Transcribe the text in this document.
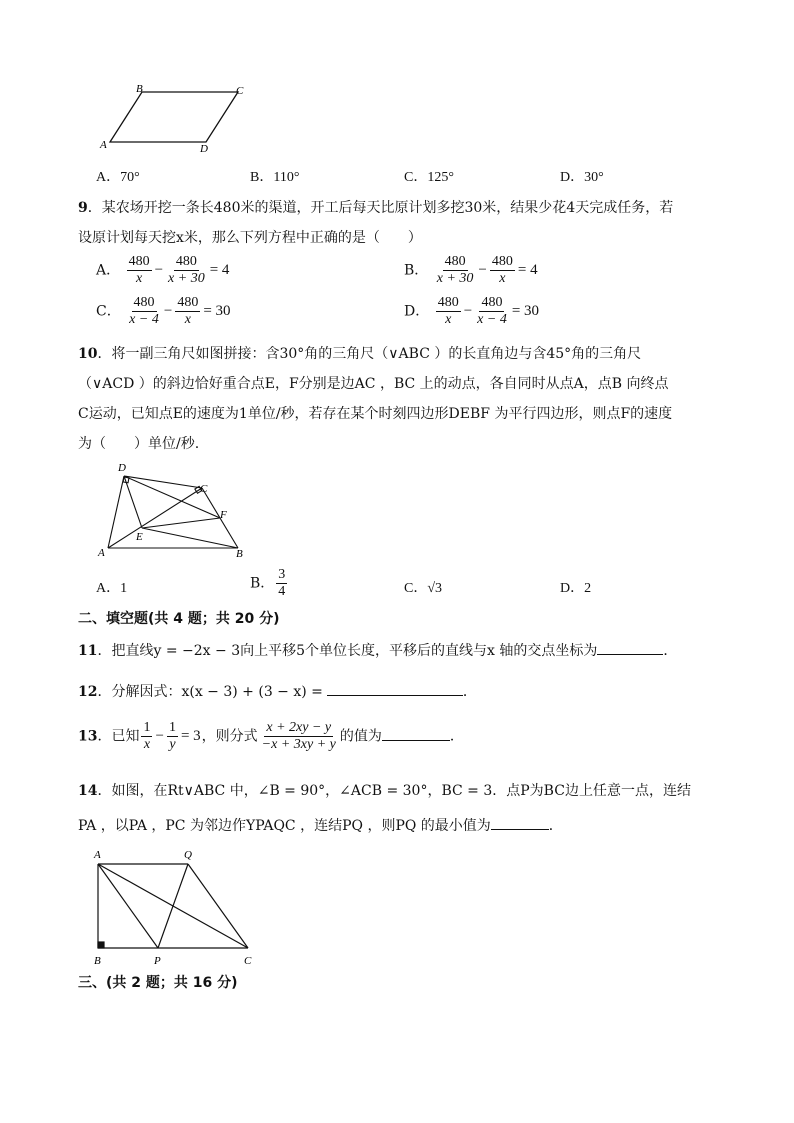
A
B	C
D
A．70°	B．110°	C．125°	D．30°
9．某农场开挖一条长480米的渠道，开工后每天比原计划多挖30米，结果少花4天完成任务，若
设原计划每天挖x米，那么下列方程中正确的是（　　）
A． $\frac{480}{x} - \frac{480}{x + 30} = 4$	B． $\frac{480}{x + 30} - \frac{480}{x} = 4$
C． $\frac{480}{x - 4} - \frac{480}{x} = 30$	D． $\frac{480}{x} - \frac{480}{x - 4} = 30$
10．将一副三角尺如图拼接：含30°角的三角尺（∨ABC ）的长直角边与含45°角的三角尺
（∨ACD ）的斜边恰好重合点E，F分别是边AC ，BC 上的动点，各自同时从点A，点B 向终点
C运动，已知点E的速度为1单位/秒，若存在某个时刻四边形DEBF 为平行四边形，则点F的速度
为（　　）单位/秒.
A	B
C
D
E
F
A．1	B． $\frac{3}{4}$	C．√3	D．2
二、填空题(共 4 题；共 20 分)
11．把直线y = −2x − 3向上平移5个单位长度，平移后的直线与x 轴的交点坐标为	．
12．分解因式：x(x − 3) + (3 − x) =	．
13．已知 $\frac{1}{x} - \frac{1}{y} = 3$，则分式 $\frac{x + 2xy - y}{-x + 3xy + y}$ 的值为	．
14．如图，在Rt∨ABC 中，∠B = 90°，∠ACB = 30°，BC = 3．点P为BC边上任意一点，连结
PA ，以PA ，PC 为邻边作YPAQC ，连结PQ ，则PQ 的最小值为	．
A	Q
B	P	C
三、(共 2 题；共 16 分)
